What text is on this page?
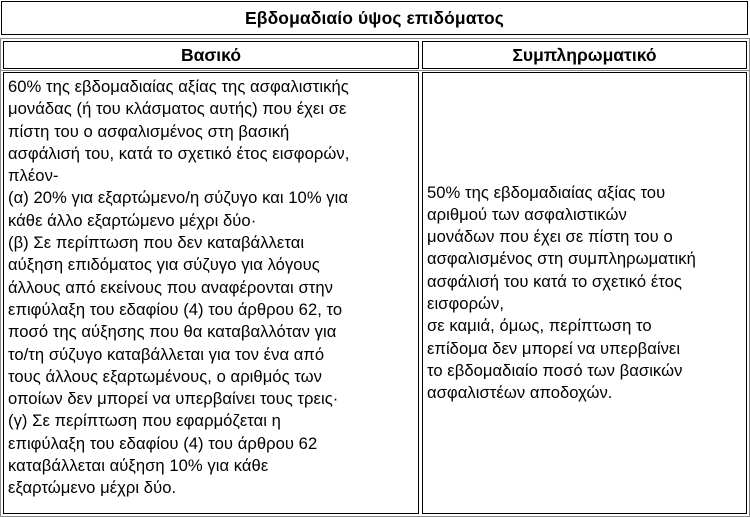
Εβδομαδιαίο ύψος επιδόματος
Βασικό	Συμπληρωματικό
60% της εβδομαδιαίας αξίας της ασφαλιστικής
μονάδας (ή του κλάσματος αυτής) που έχει σε
πίστη του ο ασφαλισμένος στη βασική
ασφάλισή του, κατά το σχετικό έτος εισφορών,
πλέον-
(α) 20% για εξαρτώμενο/η σύζυγο και 10% για
κάθε άλλο εξαρτώμενο μέχρι δύο·
(β) Σε περίπτωση που δεν καταβάλλεται
αύξηση επιδόματος για σύζυγο για λόγους
άλλους από εκείνους που αναφέρονται στην
επιφύλαξη του εδαφίου (4) του άρθρου 62, το
ποσό της αύξησης που θα καταβαλλόταν για
το/τη σύζυγο καταβάλλεται για τον ένα από
τους άλλους εξαρτωμένους, ο αριθμός των
οποίων δεν μπορεί να υπερβαίνει τους τρεις·
(γ) Σε περίπτωση που εφαρμόζεται η
επιφύλαξη του εδαφίου (4) του άρθρου 62
καταβάλλεται αύξηση 10% για κάθε
εξαρτώμενο μέχρι δύο.
50% της εβδομαδιαίας αξίας του
αριθμού των ασφαλιστικών
μονάδων που έχει σε πίστη του ο
ασφαλισμένος στη συμπληρωματική
ασφάλισή του κατά το σχετικό έτος
εισφορών,
σε καμιά, όμως, περίπτωση το
επίδομα δεν μπορεί να υπερβαίνει
το εβδομαδιαίο ποσό των βασικών
ασφαλιστέων αποδοχών.
